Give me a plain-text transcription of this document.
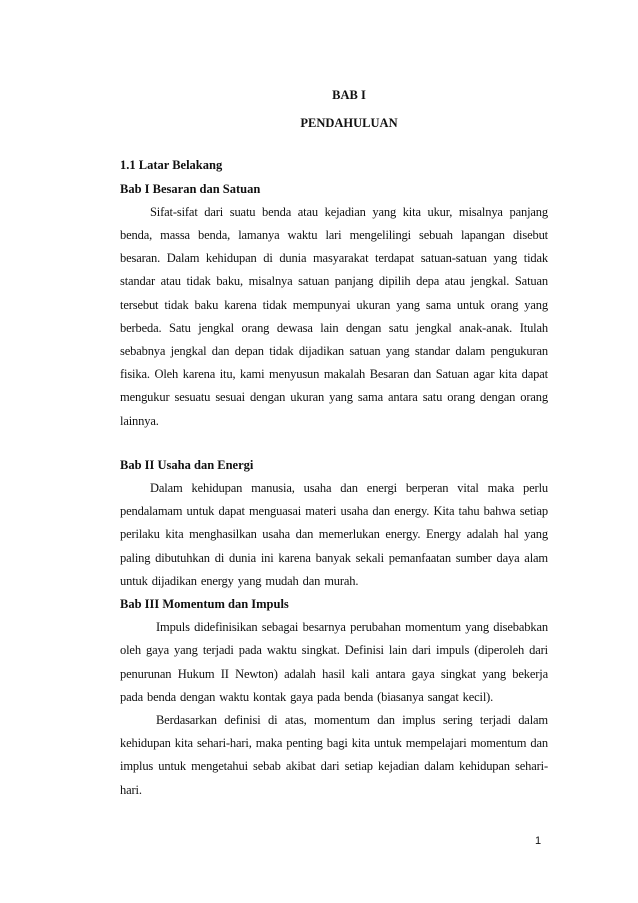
BAB I

PENDAHULUAN

1.1 Latar Belakang

Bab I Besaran dan Satuan

Sifat-sifat dari suatu benda atau kejadian yang kita ukur, misalnya panjang benda, massa benda, lamanya waktu lari mengelilingi sebuah lapangan disebut besaran. Dalam kehidupan di dunia masyarakat terdapat satuan-satuan yang tidak standar atau tidak baku, misalnya satuan panjang dipilih depa atau jengkal. Satuan tersebut tidak baku karena tidak mempunyai ukuran yang sama untuk orang yang berbeda. Satu jengkal orang dewasa lain dengan satu jengkal anak-anak. Itulah sebabnya jengkal dan depan tidak dijadikan satuan yang standar dalam pengukuran fisika. Oleh karena itu, kami menyusun makalah Besaran dan Satuan agar kita dapat mengukur sesuatu sesuai dengan ukuran yang sama antara satu orang dengan orang lainnya.

Bab II Usaha dan Energi

Dalam kehidupan manusia, usaha dan energi berperan vital maka perlu pendalamam untuk dapat menguasai materi usaha dan energy. Kita tahu bahwa setiap perilaku kita menghasilkan usaha dan memerlukan energy. Energy adalah hal yang paling dibutuhkan di dunia ini karena banyak sekali pemanfaatan sumber daya alam untuk dijadikan energy yang mudah dan murah.

Bab III Momentum dan Impuls

Impuls didefinisikan sebagai besarnya perubahan momentum yang disebabkan oleh gaya yang terjadi pada waktu singkat. Definisi lain dari impuls (diperoleh dari penurunan Hukum II Newton) adalah hasil kali antara gaya singkat yang bekerja pada benda dengan waktu kontak gaya pada benda (biasanya sangat kecil).

Berdasarkan definisi di atas, momentum dan implus sering terjadi dalam kehidupan kita sehari-hari, maka penting bagi kita untuk mempelajari momentum dan implus untuk mengetahui sebab akibat dari setiap kejadian dalam kehidupan sehari-hari.

1
